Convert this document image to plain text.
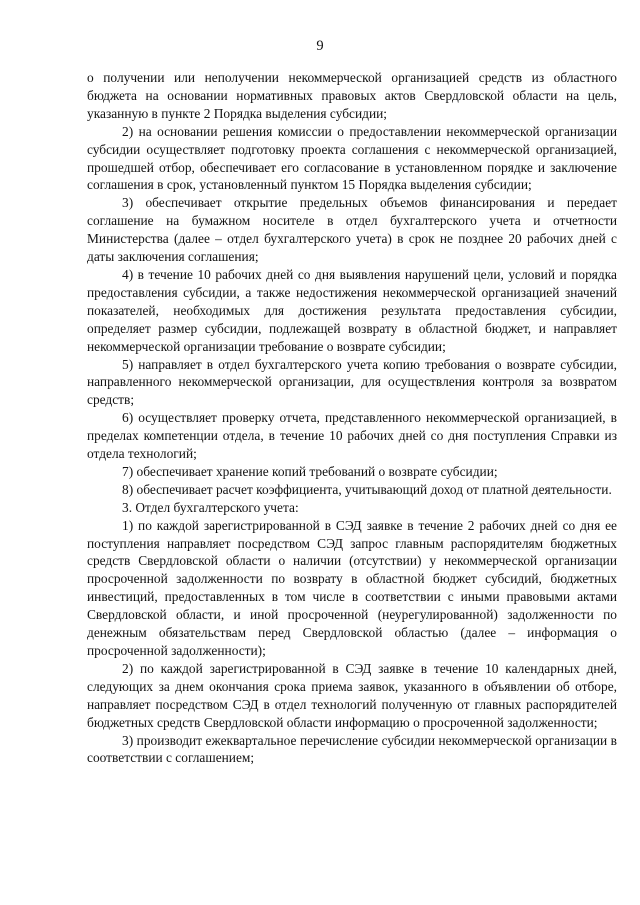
9

о получении или неполучении некоммерческой организацией средств из областного бюджета на основании нормативных правовых актов Свердловской области на цель, указанную в пункте 2 Порядка выделения субсидии;

2) на основании решения комиссии о предоставлении некоммерческой организации субсидии осуществляет подготовку проекта соглашения с некоммерческой организацией, прошедшей отбор, обеспечивает его согласование в установленном порядке и заключение соглашения в срок, установленный пунктом 15 Порядка выделения субсидии;

3) обеспечивает открытие предельных объемов финансирования и передает соглашение на бумажном носителе в отдел бухгалтерского учета и отчетности Министерства (далее – отдел бухгалтерского учета) в срок не позднее 20 рабочих дней с даты заключения соглашения;

4) в течение 10 рабочих дней со дня выявления нарушений цели, условий и порядка предоставления субсидии, а также недостижения некоммерческой организацией значений показателей, необходимых для достижения результата предоставления субсидии, определяет размер субсидии, подлежащей возврату в областной бюджет, и направляет некоммерческой организации требование о возврате субсидии;

5) направляет в отдел бухгалтерского учета копию требования о возврате субсидии, направленного некоммерческой организации, для осуществления контроля за возвратом средств;

6) осуществляет проверку отчета, представленного некоммерческой организацией, в пределах компетенции отдела, в течение 10 рабочих дней со дня поступления Справки из отдела технологий;

7) обеспечивает хранение копий требований о возврате субсидии;

8) обеспечивает расчет коэффициента, учитывающий доход от платной деятельности.

3. Отдел бухгалтерского учета:

1) по каждой зарегистрированной в СЭД заявке в течение 2 рабочих дней со дня ее поступления направляет посредством СЭД запрос главным распорядителям бюджетных средств Свердловской области о наличии (отсутствии) у некоммерческой организации просроченной задолженности по возврату в областной бюджет субсидий, бюджетных инвестиций, предоставленных в том числе в соответствии с иными правовыми актами Свердловской области, и иной просроченной (неурегулированной) задолженности по денежным обязательствам перед Свердловской областью (далее – информация о просроченной задолженности);

2) по каждой зарегистрированной в СЭД заявке в течение 10 календарных дней, следующих за днем окончания срока приема заявок, указанного в объявлении об отборе, направляет посредством СЭД в отдел технологий полученную от главных распорядителей бюджетных средств Свердловской области информацию о просроченной задолженности;

3) производит ежеквартальное перечисление субсидии некоммерческой организации в соответствии с соглашением;
